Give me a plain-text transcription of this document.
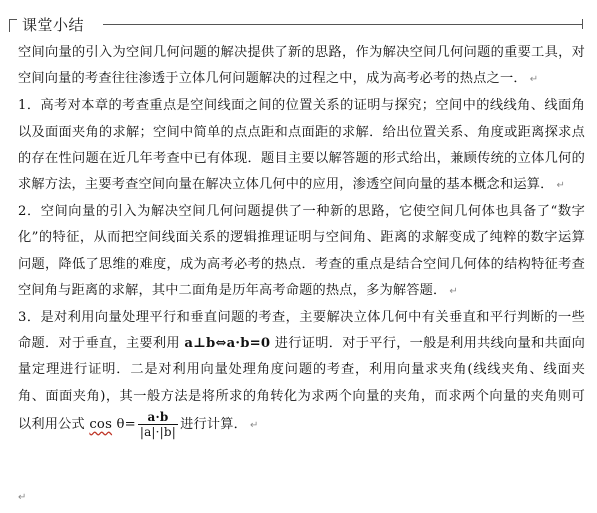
课堂小结

空间向量的引入为空间几何问题的解决提供了新的思路，作为解决空间几何问题的重要工具，对空间向量的考查往往渗透于立体几何问题解决的过程之中，成为高考必考的热点之一． ↵

1．高考对本章的考查重点是空间线面之间的位置关系的证明与探究；空间中的线线角、线面角以及面面夹角的求解；空间中简单的点点距和点面距的求解．给出位置关系、角度或距离探求点的存在性问题在近几年考查中已有体现．题目主要以解答题的形式给出，兼顾传统的立体几何的求解方法，主要考查空间向量在解决立体几何中的应用，渗透空间向量的基本概念和运算． ↵

2．空间向量的引入为解决空间几何问题提供了一种新的思路，它使空间几何体也具备了“数字化”的特征，从而把空间线面关系的逻辑推理证明与空间角、距离的求解变成了纯粹的数字运算问题，降低了思维的难度，成为高考必考的热点．考查的重点是结合空间几何体的结构特征考查空间角与距离的求解，其中二面角是历年高考命题的热点，多为解答题． ↵

3．是对利用向量处理平行和垂直问题的考查，主要解决立体几何中有关垂直和平行判断的一些命题．对于垂直，主要利用 a⊥b⇔a·b=0 进行证明．对于平行，一般是利用共线向量和共面向量定理进行证明．二是对利用向量处理角度问题的考查，利用向量求夹角(线线夹角、线面夹角、面面夹角)，其一般方法是将所求的角转化为求两个向量的夹角，而求两个向量的夹角则可以利用公式 $\cos \theta= \frac{a\cdot b}{|a|\cdot|b|}$ 进行计算． ↵

↵
